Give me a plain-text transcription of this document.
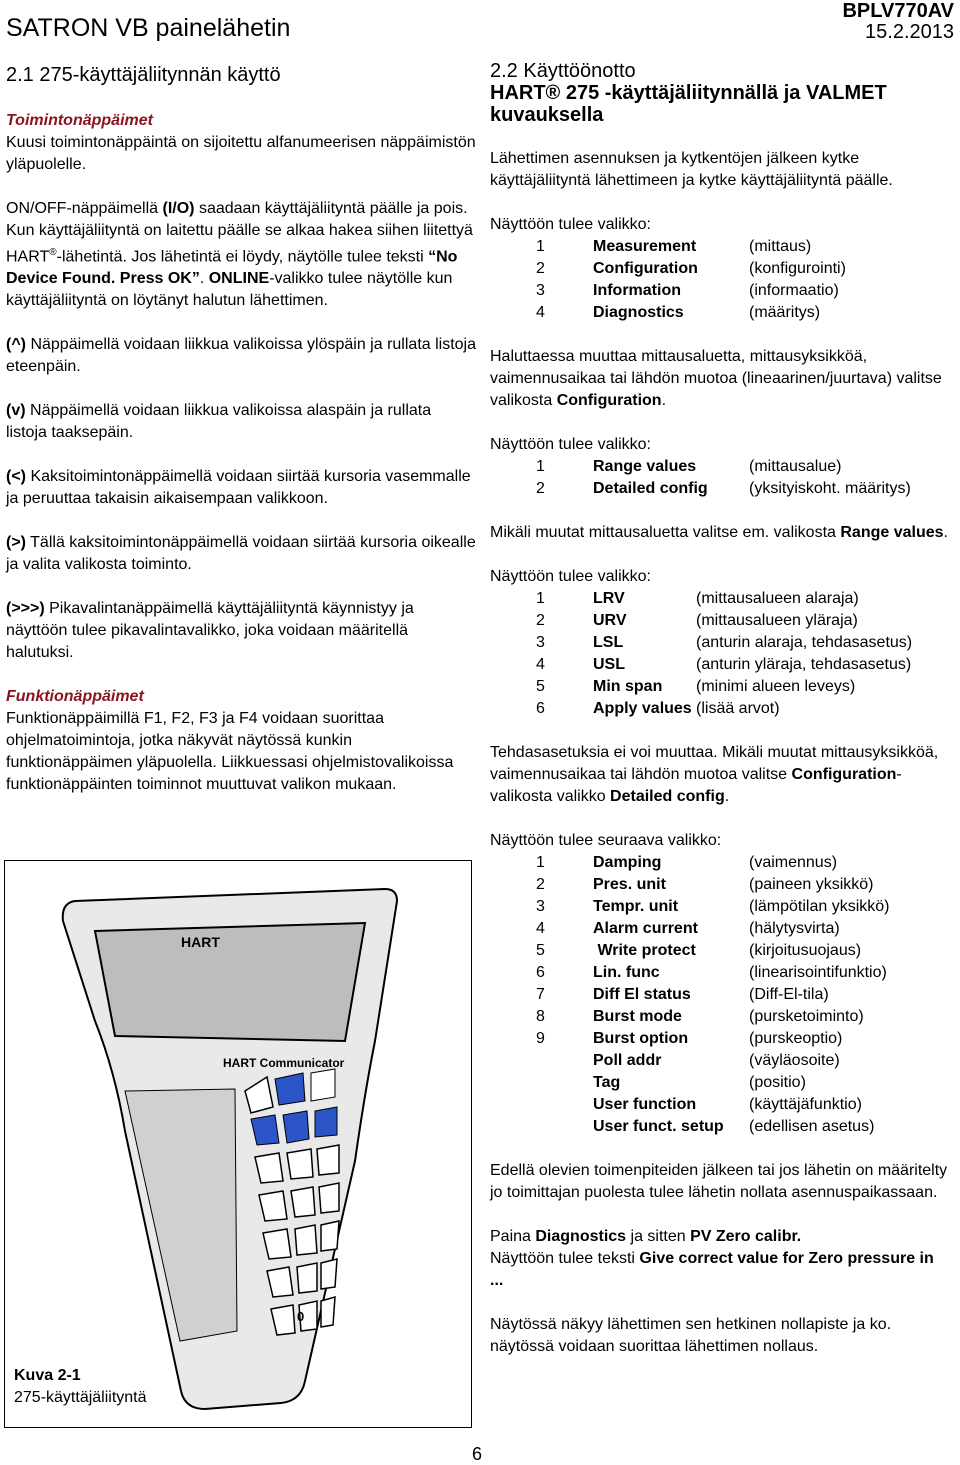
SATRON VB painelähetin
BPLV770AV
15.2.2013
2.1 275-käyttäjäliitynnän käyttö

Toimintonäppäimet

Kuusi toimintonäppäintä on sijoitettu alfanumeerisen näppäimistön yläpuolelle.

ON/OFF-näppäimellä (I/O) saadaan käyttäjäliityntä päälle ja pois. Kun käyttäjäliityntä on laitettu päälle se alkaa hakea siihen liitettyä HART®-lähetintä. Jos lähetintä ei löydy, näytölle tulee teksti “No Device Found. Press OK”. ONLINE-valikko tulee näytölle kun käyttäjäliityntä on löytänyt halutun lähettimen.

(^) Näppäimellä voidaan liikkua valikoissa ylöspäin ja rullata listoja eteenpäin.

(v) Näppäimellä voidaan liikkua valikoissa alaspäin ja rullata listoja taaksepäin.

(<) Kaksitoimintonäppäimellä voidaan siirtää kursoria vasemmalle ja peruuttaa takaisin aikaisempaan valikkoon.

(>) Tällä kaksitoimintonäppäimellä voidaan siirtää kursoria oikealle ja valita valikosta toiminto.

(>>>) Pikavalintanäppäimellä käyttäjäliityntä käynnistyy ja näyttöön tulee pikavalintavalikko, joka voidaan määritellä halutuksi.

Funktionäppäimet

Funktionäppäimillä F1, F2, F3 ja F4 voidaan suorittaa ohjelmatoimintoja, jotka näkyvät näytössä kunkin funktionäppäimen yläpuolella. Liikkuessasi ohjelmistovalikoissa funktionäppäinten toiminnot muuttuvat valikon mukaan.

HART
HART Communicator
0

Kuva 2-1

275-käyttäjäliityntä

2.2 Käyttöönotto
HART® 275 -käyttäjäliitynnällä ja VALMET kuvauksella

Lähettimen asennuksen ja kytkentöjen jälkeen kytke käyttäjäliityntä lähettimeen ja kytke käyttäjäliityntä päälle.

Näyttöön tulee valikko:

1	Measurement	(mittaus)
2	Configuration	(konfigurointi)
3	Information	(informaatio)
4	Diagnostics	(määritys)

Haluttaessa muuttaa mittausaluetta, mittausyksikköä, vaimennusaikaa tai lähdön muotoa (lineaarinen/juurtava) valitse valikosta Configuration.

Näyttöön tulee valikko:

1	Range values	(mittausalue)
2	Detailed config	(yksityiskoht. määritys)

Mikäli muutat mittausaluetta valitse em. valikosta Range values.

Näyttöön tulee valikko:

1	LRV	(mittausalueen alaraja)
2	URV	(mittausalueen yläraja)
3	LSL	(anturin alaraja, tehdasasetus)
4	USL	(anturin yläraja, tehdasasetus)
5	Min span	(minimi alueen leveys)
6	Apply values	(lisää arvot)

Tehdasasetuksia ei voi muuttaa. Mikäli muutat mittausyksikköä, vaimennusaikaa tai lähdön muotoa valitse Configuration-valikosta valikko Detailed config.

Näyttöön tulee seuraava valikko:

1	Damping	(vaimennus)
2	Pres. unit	(paineen yksikkö)
3	Tempr. unit	(lämpötilan yksikkö)
4	Alarm current	(hälytysvirta)
5	Write protect	(kirjoitusuojaus)
6	Lin. func	(linearisointifunktio)
7	Diff El status	(Diff-El-tila)
8	Burst mode	(pursketoiminto)
9	Burst option	(purskeoptio)
	Poll addr	(väyläosoite)
	Tag	(positio)
	User function	(käyttäjäfunktio)
	User funct. setup	(edellisen asetus)

Edellä olevien toimenpiteiden jälkeen tai jos lähetin on määritelty jo toimittajan puolesta tulee lähetin nollata asennuspaikassaan.

Paina Diagnostics ja sitten PV Zero calibr.
Näyttöön tulee teksti Give correct value for Zero pressure in ...

Näytössä näkyy lähettimen sen hetkinen nollapiste ja ko. näytössä voidaan suorittaa lähettimen nollaus.

6
